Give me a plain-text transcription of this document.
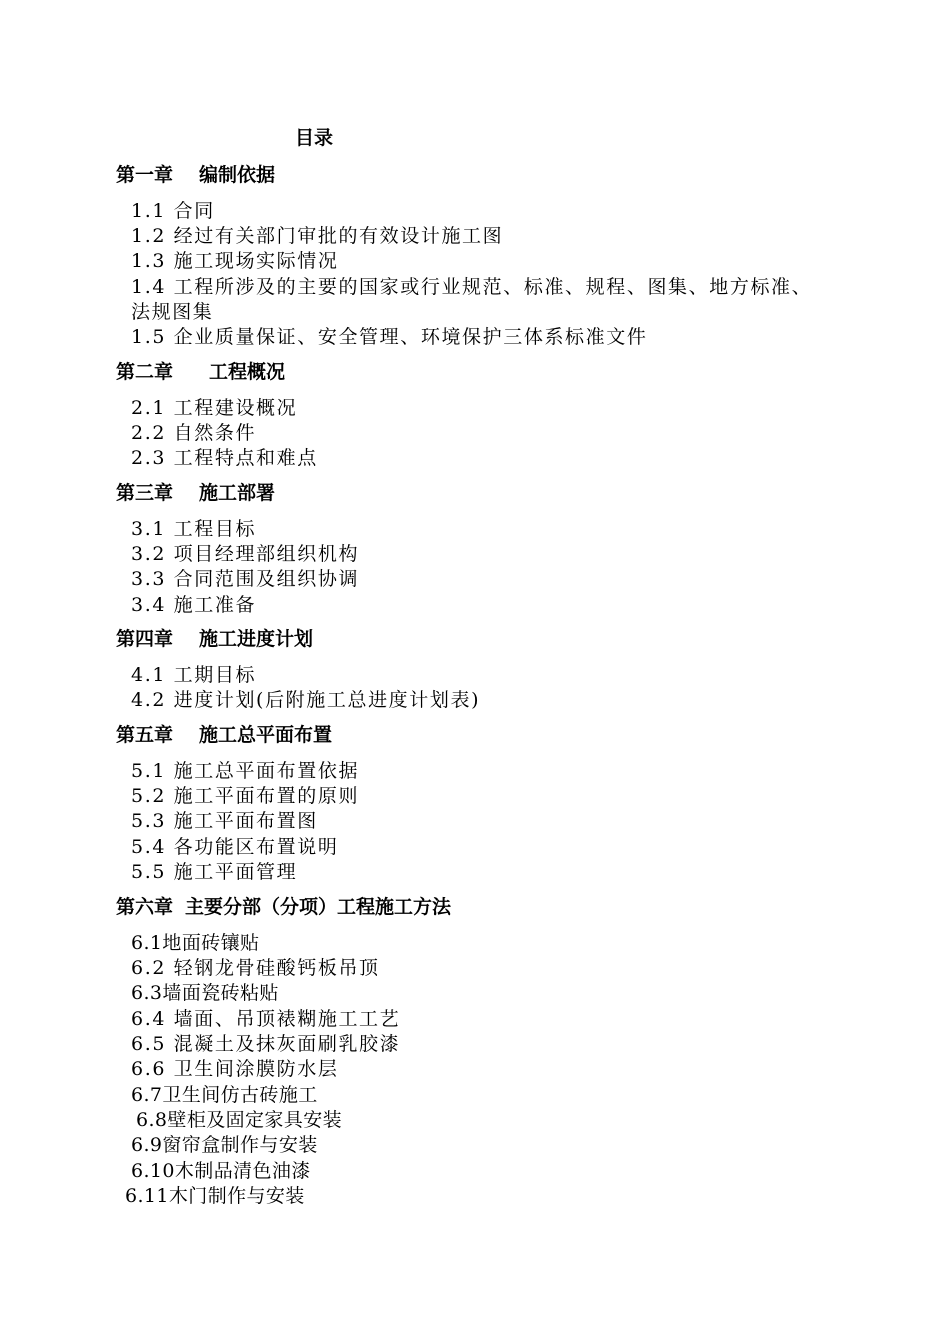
目录
第一章 编制依据
1.1 合同
1.2 经过有关部门审批的有效设计施工图
1.3 施工现场实际情况
1.4 工程所涉及的主要的国家或行业规范、标准、规程、图集、地方标准、
法规图集
1.5 企业质量保证、安全管理、环境保护三体系标准文件
第二章 工程概况
2.1 工程建设概况
2.2 自然条件
2.3 工程特点和难点
第三章 施工部署
3.1 工程目标
3.2 项目经理部组织机构
3.3 合同范围及组织协调
3.4 施工准备
第四章 施工进度计划
4.1 工期目标
4.2 进度计划(后附施工总进度计划表)
第五章 施工总平面布置
5.1 施工总平面布置依据
5.2 施工平面布置的原则
5.3 施工平面布置图
5.4 各功能区布置说明
5.5 施工平面管理
第六章 主要分部（分项）工程施工方法
6.1地面砖镶贴
6.2 轻钢龙骨硅酸钙板吊顶
6.3墙面瓷砖粘贴
6.4 墙面、吊顶裱糊施工工艺
6.5 混凝土及抹灰面刷乳胶漆
6.6 卫生间涂膜防水层
6.7卫生间仿古砖施工
6.8壁柜及固定家具安装
6.9窗帘盒制作与安装
6.10木制品清色油漆
6.11木门制作与安装
